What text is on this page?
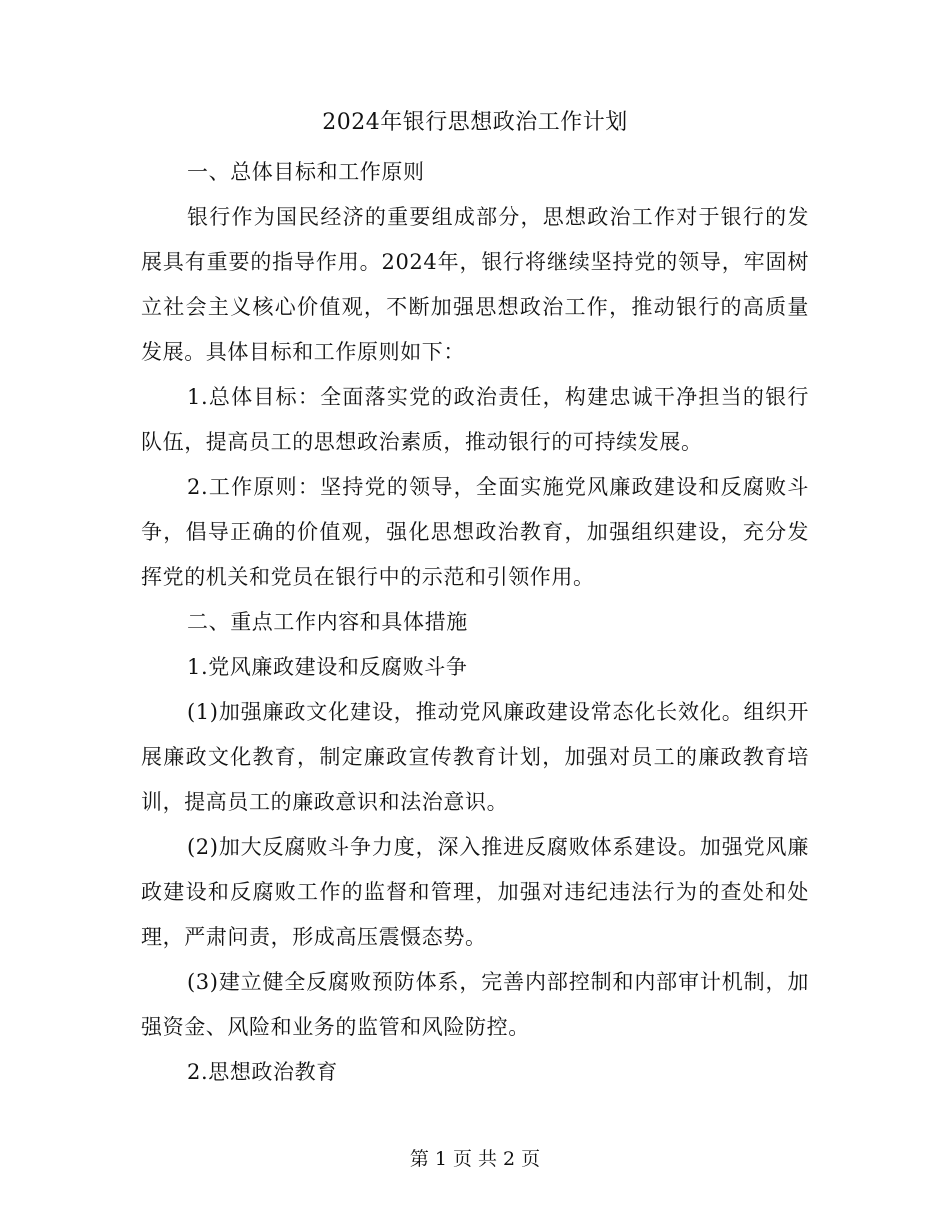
2024年银行思想政治工作计划

一、总体目标和工作原则

银行作为国民经济的重要组成部分，思想政治工作对于银行的发展具有重要的指导作用。2024年，银行将继续坚持党的领导，牢固树立社会主义核心价值观，不断加强思想政治工作，推动银行的高质量发展。具体目标和工作原则如下：

1.总体目标：全面落实党的政治责任，构建忠诚干净担当的银行队伍，提高员工的思想政治素质，推动银行的可持续发展。

2.工作原则：坚持党的领导，全面实施党风廉政建设和反腐败斗争，倡导正确的价值观，强化思想政治教育，加强组织建设，充分发挥党的机关和党员在银行中的示范和引领作用。

二、重点工作内容和具体措施

1.党风廉政建设和反腐败斗争

(1)加强廉政文化建设，推动党风廉政建设常态化长效化。组织开展廉政文化教育，制定廉政宣传教育计划，加强对员工的廉政教育培训，提高员工的廉政意识和法治意识。

(2)加大反腐败斗争力度，深入推进反腐败体系建设。加强党风廉政建设和反腐败工作的监督和管理，加强对违纪违法行为的查处和处理，严肃问责，形成高压震慑态势。

(3)建立健全反腐败预防体系，完善内部控制和内部审计机制，加强资金、风险和业务的监管和风险防控。

2.思想政治教育

第 1 页 共 2 页
